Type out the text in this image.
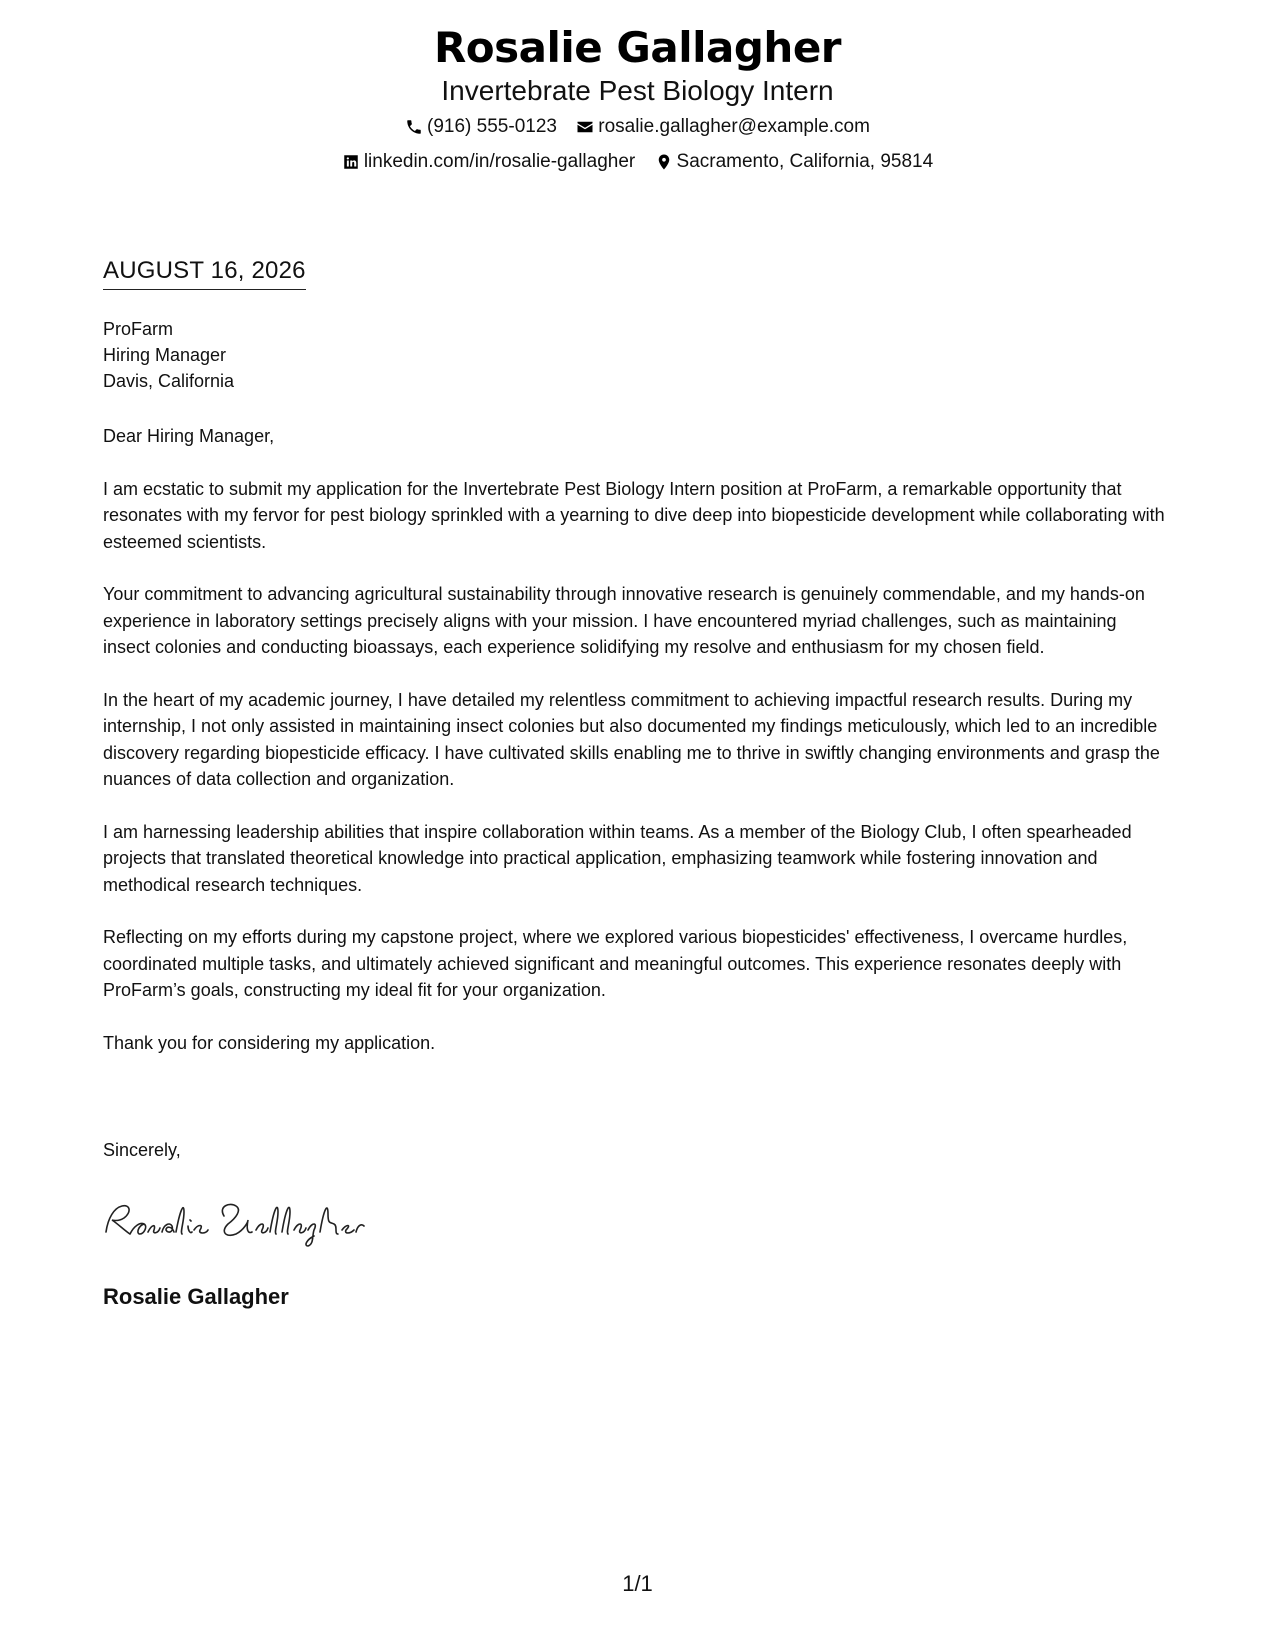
Rosalie Gallagher
Invertebrate Pest Biology Intern
(916) 555-0123
rosalie.gallagher@example.com
linkedin.com/in/rosalie-gallagher
Sacramento, California, 95814
AUGUST 16, 2026
ProFarm
Hiring Manager
Davis, California

Dear Hiring Manager,

I am ecstatic to submit my application for the Invertebrate Pest Biology Intern position at ProFarm, a remarkable opportunity that resonates with my fervor for pest biology sprinkled with a yearning to dive deep into biopesticide development while collaborating with esteemed scientists.

Your commitment to advancing agricultural sustainability through innovative research is genuinely commendable, and my hands-on experience in laboratory settings precisely aligns with your mission. I have encountered myriad challenges, such as maintaining insect colonies and conducting bioassays, each experience solidifying my resolve and enthusiasm for my chosen field.

In the heart of my academic journey, I have detailed my relentless commitment to achieving impactful research results. During my internship, I not only assisted in maintaining insect colonies but also documented my findings meticulously, which led to an incredible discovery regarding biopesticide efficacy. I have cultivated skills enabling me to thrive in swiftly changing environments and grasp the nuances of data collection and organization.

I am harnessing leadership abilities that inspire collaboration within teams. As a member of the Biology Club, I often spearheaded projects that translated theoretical knowledge into practical application, emphasizing teamwork while fostering innovation and methodical research techniques.

Reflecting on my efforts during my capstone project, where we explored various biopesticides' effectiveness, I overcame hurdles, coordinated multiple tasks, and ultimately achieved significant and meaningful outcomes. This experience resonates deeply with ProFarm’s goals, constructing my ideal fit for your organization.

Thank you for considering my application.

Sincerely,
Rosalie Gallagher
1/1
